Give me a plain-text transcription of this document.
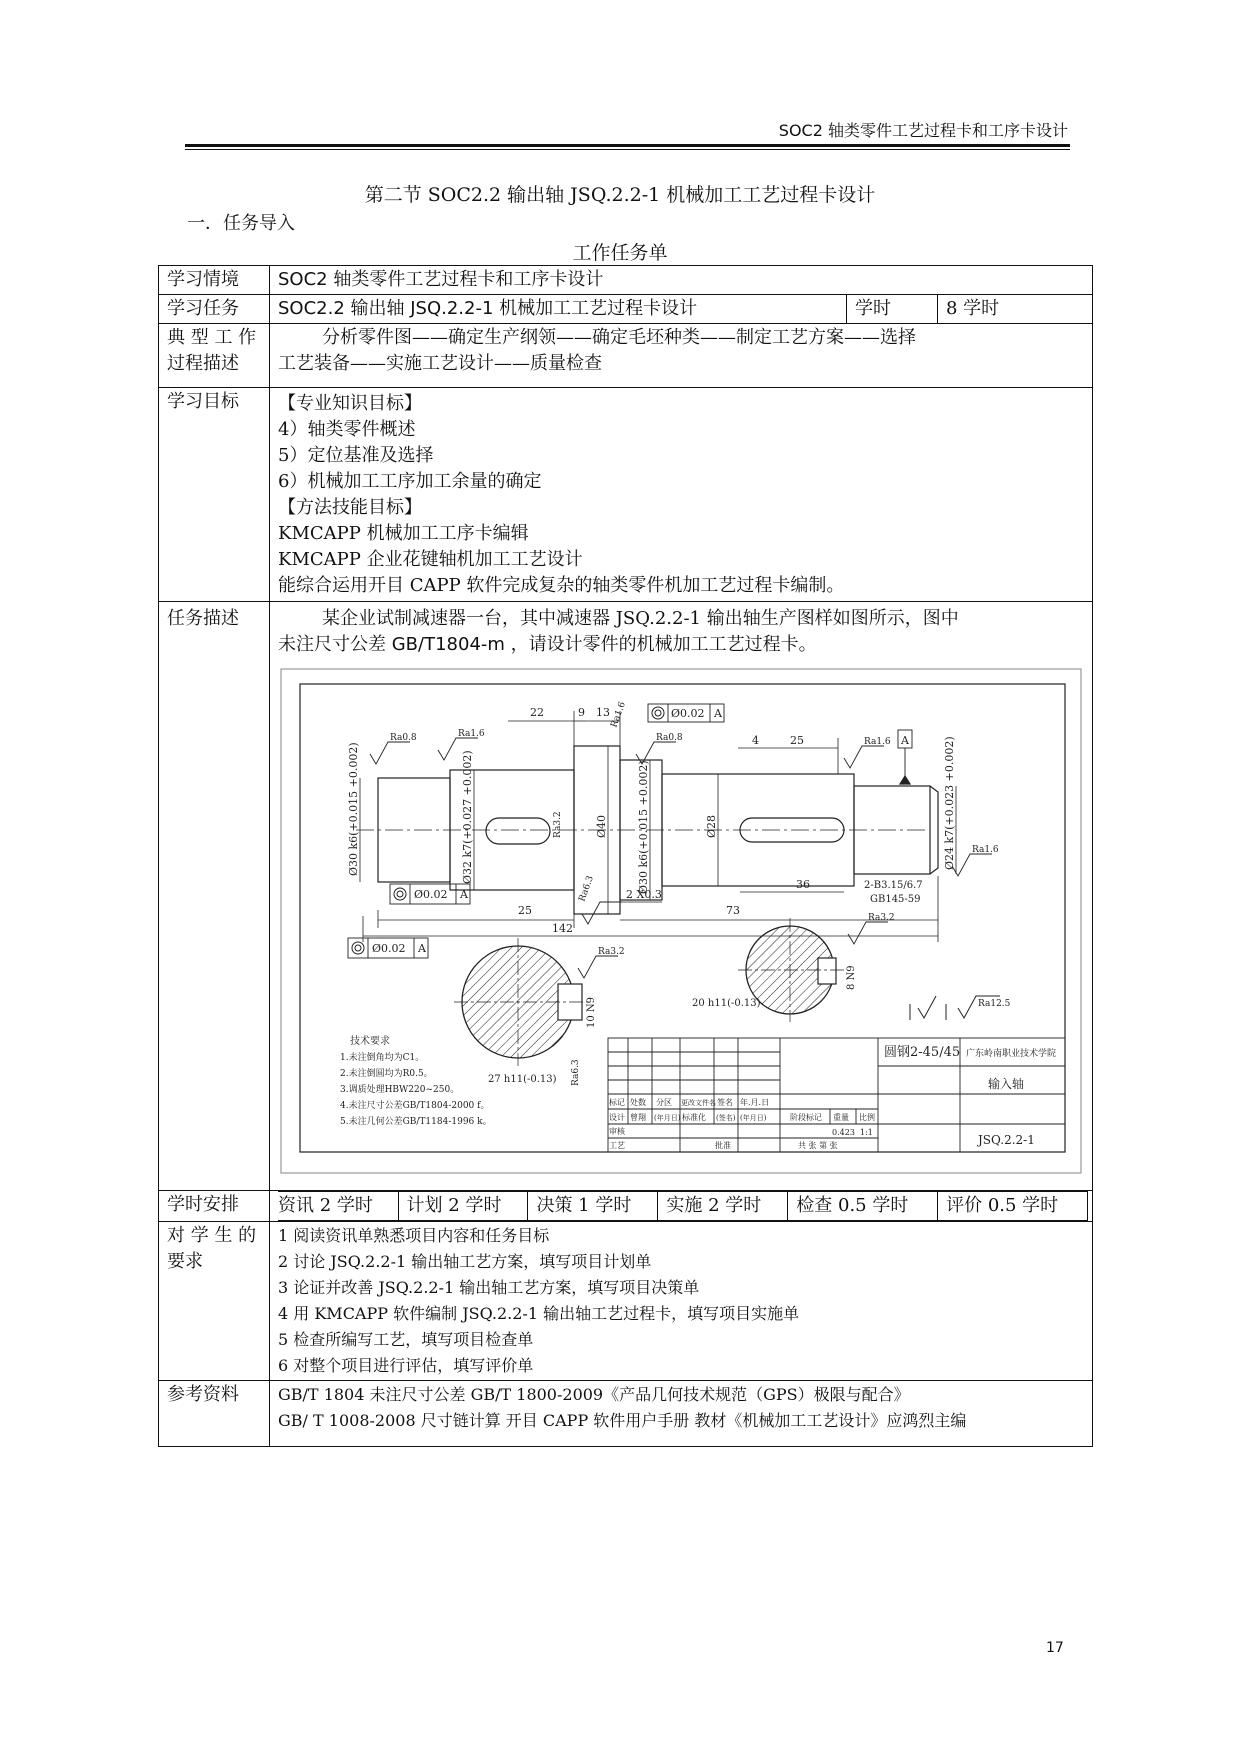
SOC2 轴类零件工艺过程卡和工序卡设计
第二节 SOC2.2 输出轴 JSQ.2.2-1 机械加工工艺过程卡设计
一．任务导入
工作任务单
学习情境	SOC2 轴类零件工艺过程卡和工序卡设计
学习任务	SOC2.2 输出轴 JSQ.2.2-1 机械加工工艺过程卡设计	学时	8 学时

典 型 工 作
过程描述

分析零件图——确定生产纲领——确定毛坯种类——制定工艺方案——选择
工艺装备——实施工艺设计——质量检查

学习目标	【专业知识目标】
4）轴类零件概述
5）定位基准及选择
6）机械加工工序加工余量的确定
【方法技能目标】
KMCAPP 机械加工工序卡编辑
KMCAPP 企业花键轴机加工工艺设计
能综合运用开目 CAPP 软件完成复杂的轴类零件机加工艺过程卡编制。

任务描述	某企业试制减速器一台，其中减速器 JSQ.2.2-1 输出轴生产图样如图所示，图中
未注尺寸公差 GB/T1804-m ，请设计零件的机械加工工艺过程卡。
22	9 13
4	25
25
36
73
142
2 X0.3
Ø40	Ø28
Ø30 k6(+0.015 +0.002)	Ø32 k7(+0.027 +0.002)	Ø30 k6(+0.015 +0.002)	Ø24 k7(+0.023 +0.002)
Ra0.8	Ra1.6
Ra1.6
Ra0.8	Ra1.6
Ra1.6
Ra3.2
Ra6.3
Ø0.02 A
Ø0.02 A
Ø0.02 A
A
2-B3.15/6.7
GB145-59
Ra3.2
10 N9
27 h11(-0.13) Ra6.3
Ra3.2
8 N9
20 h11(-0.13)	Ra12.5
技术要求
1.未注倒角均为C1。
2.未注倒圆均为R0.5。
3.调质处理HBW220~250。
4.未注尺寸公差GB/T1804-2000 f。
5.未注几何公差GB/T1184-1996 k。
标记 处数 分区 更改文件名 签名 年.月.日
设计 曾翔 (年月日) 标准化 (签名) (年月日)	阶段标记 重量 比例
0.423 1:1
审核
工艺	批准	共 张 第 张
圆钢2-45/45 广东岭南职业技术学院
输入轴
JSQ.2.2-1

学时安排	资讯 2 学时	计划 2 学时	决策 1 学时	实施 2 学时	检查 0.5 学时	评价 0.5 学时

对 学 生 的
要求

1 阅读资讯单熟悉项目内容和任务目标
2 讨论 JSQ.2.2-1 输出轴工艺方案，填写项目计划单
3 论证并改善 JSQ.2.2-1 输出轴工艺方案，填写项目决策单
4 用 KMCAPP 软件编制 JSQ.2.2-1 输出轴工艺过程卡，填写项目实施单
5 检查所编写工艺，填写项目检查单
6 对整个项目进行评估，填写评价单

参考资料	GB/T 1804 未注尺寸公差 GB/T 1800-2009《产品几何技术规范（GPS）极限与配合》
GB/ T 1008-2008 尺寸链计算 开目 CAPP 软件用户手册 教材《机械加工工艺设计》应鸿烈主编
17
